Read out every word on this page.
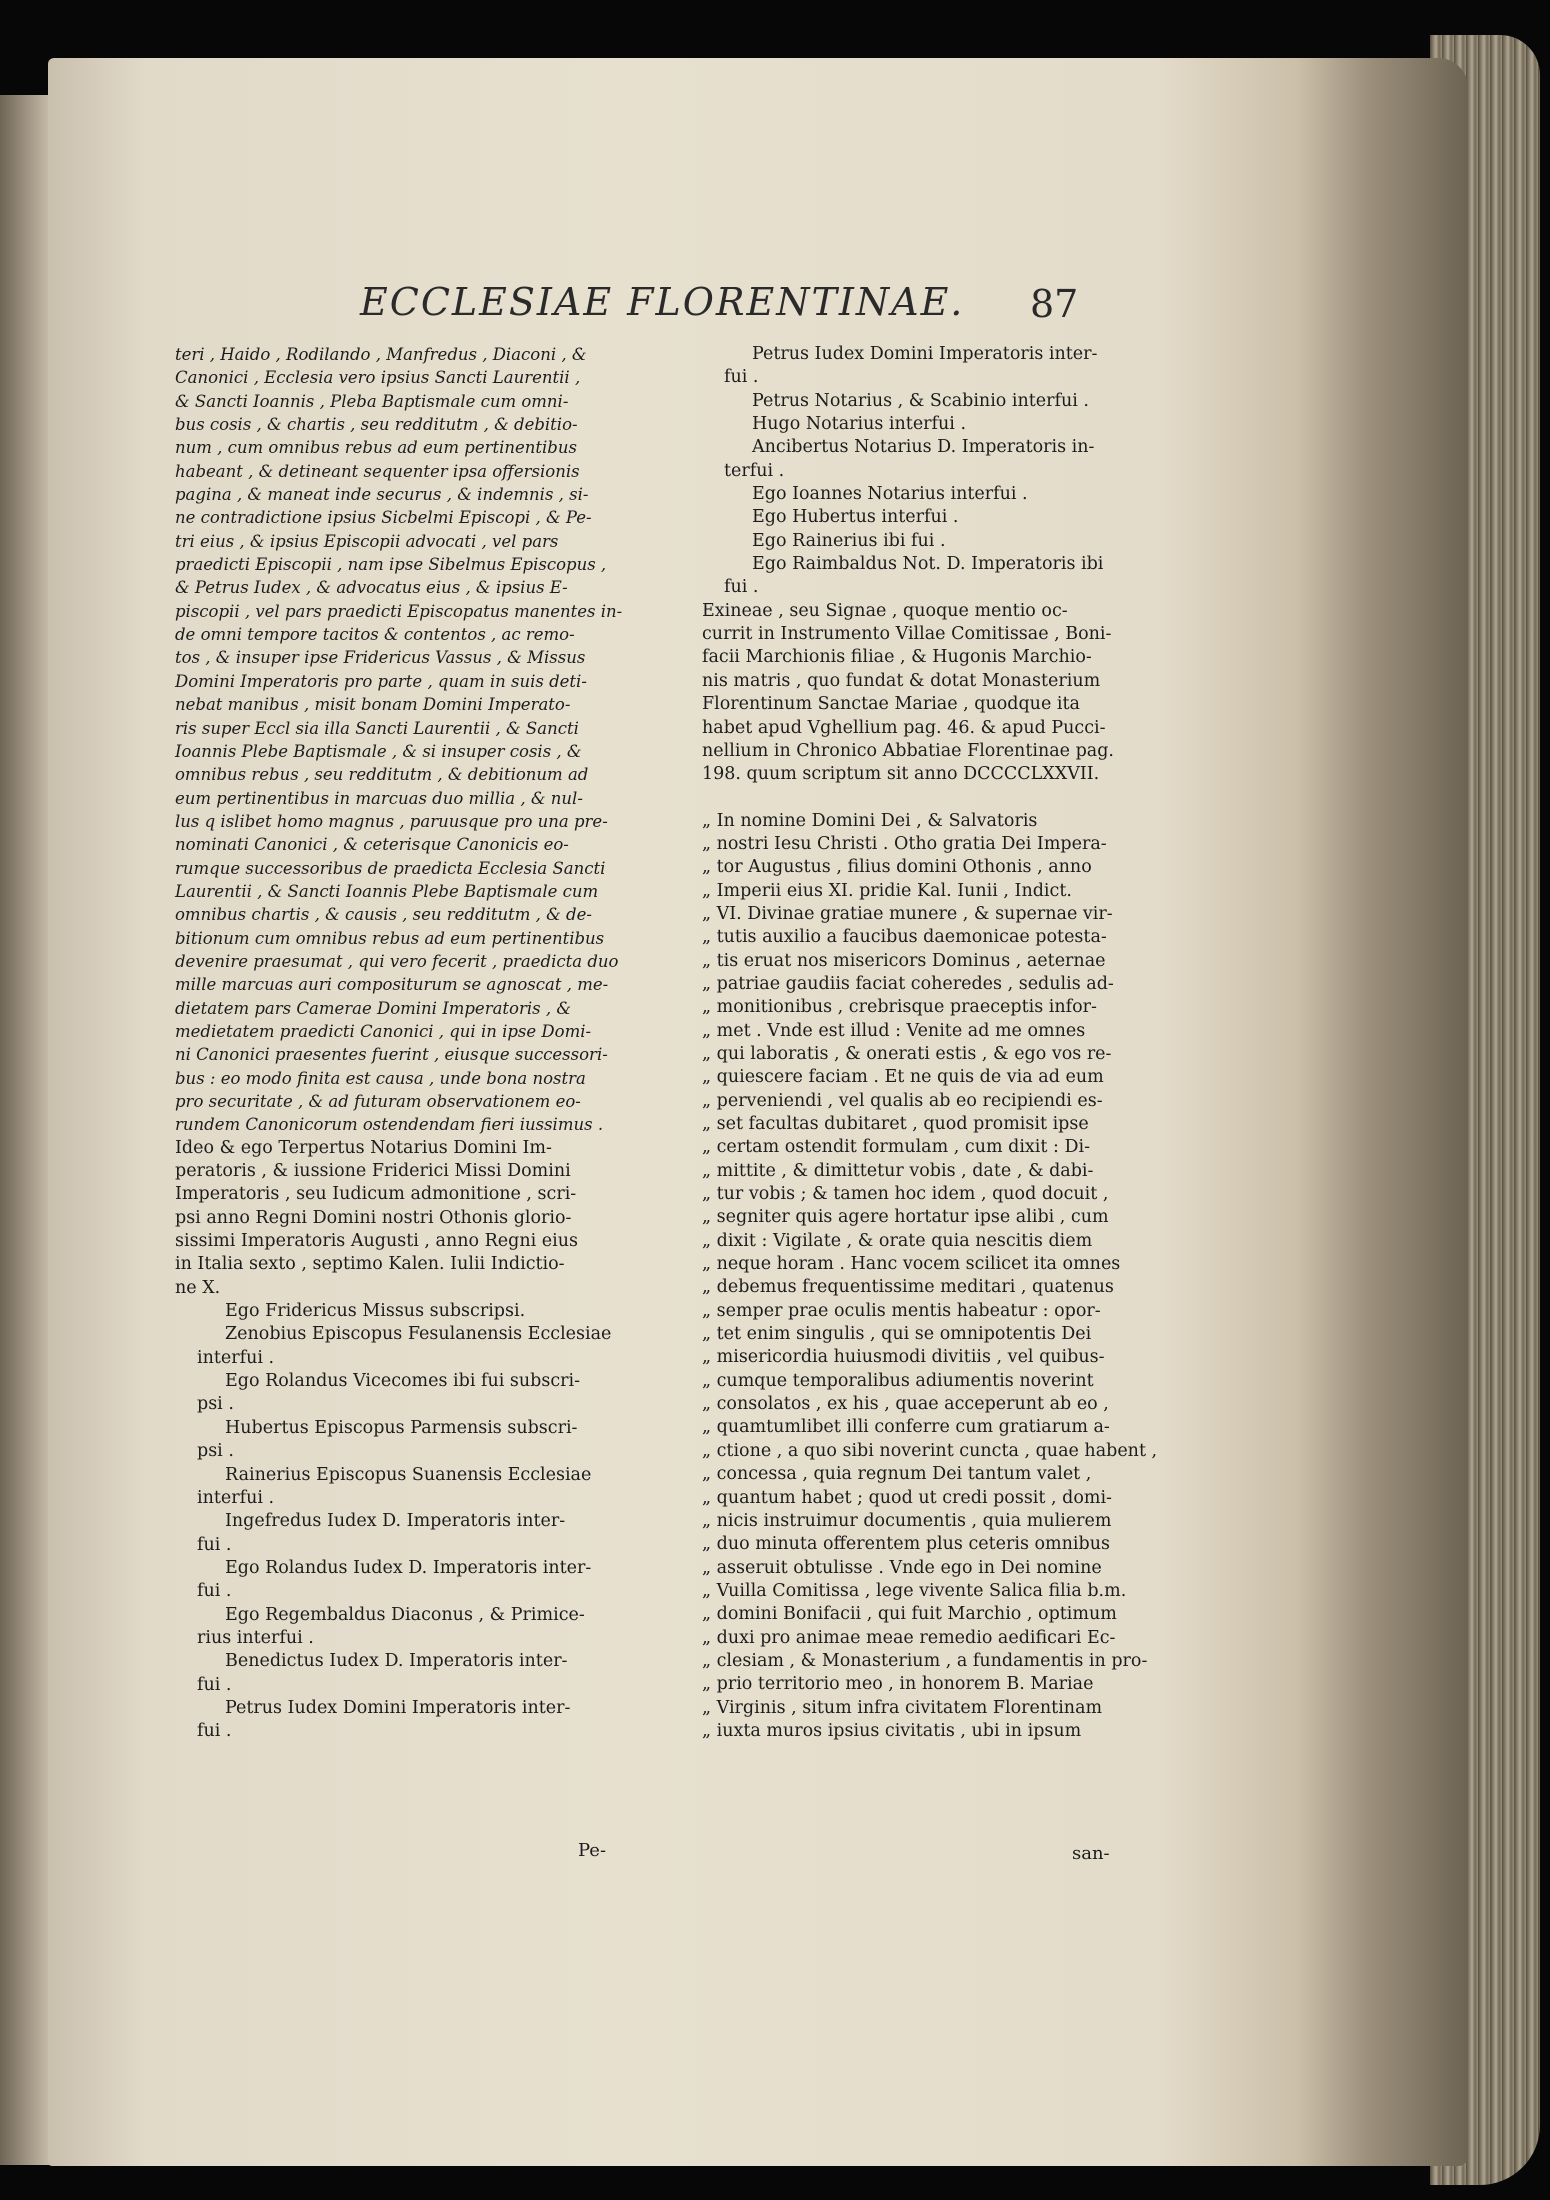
ECCLESIAE FLORENTINAE. 87

teri , Haido , Rodilando , Manfredus , Diaconi , &

Canonici , Ecclesia vero ipsius Sancti Laurentii ,

& Sancti Ioannis , Pleba Baptismale cum omni-

bus cosis , & chartis , seu redditutm , & debitio-

num , cum omnibus rebus ad eum pertinentibus

habeant , & detineant sequenter ipsa offersionis

pagina , & maneat inde securus , & indemnis , si-

ne contradictione ipsius Sicbelmi Episcopi , & Pe-

tri eius , & ipsius Episcopii advocati , vel pars

praedicti Episcopii , nam ipse Sibelmus Episcopus ,

& Petrus Iudex , & advocatus eius , & ipsius E-

piscopii , vel pars praedicti Episcopatus manentes in-

de omni tempore tacitos & contentos , ac remo-

tos , & insuper ipse Fridericus Vassus , & Missus

Domini Imperatoris pro parte , quam in suis deti-

nebat manibus , misit bonam Domini Imperato-

ris super Eccl sia illa Sancti Laurentii , & Sancti

Ioannis Plebe Baptismale , & si insuper cosis , &

omnibus rebus , seu redditutm , & debitionum ad

eum pertinentibus in marcuas duo millia , & nul-

lus q islibet homo magnus , paruusque pro una pre-

nominati Canonici , & ceterisque Canonicis eo-

rumque successoribus de praedicta Ecclesia Sancti

Laurentii , & Sancti Ioannis Plebe Baptismale cum

omnibus chartis , & causis , seu redditutm , & de-

bitionum cum omnibus rebus ad eum pertinentibus

devenire praesumat , qui vero fecerit , praedicta duo

mille marcuas auri compositurum se agnoscat , me-

dietatem pars Camerae Domini Imperatoris , &

medietatem praedicti Canonici , qui in ipse Domi-

ni Canonici praesentes fuerint , eiusque successori-

bus : eo modo finita est causa , unde bona nostra

pro securitate , & ad futuram observationem eo-

rundem Canonicorum ostendendam fieri iussimus .

Ideo & ego Terpertus Notarius Domini Im-

peratoris , & iussione Friderici Missi Domini

Imperatoris , seu Iudicum admonitione , scri-

psi anno Regni Domini nostri Othonis glorio-

sissimi Imperatoris Augusti , anno Regni eius

in Italia sexto , septimo Kalen. Iulii Indictio-

ne X.

Ego Fridericus Missus subscripsi.

Zenobius Episcopus Fesulanensis Ecclesiae

interfui .

Ego Rolandus Vicecomes ibi fui subscri-

psi .

Hubertus Episcopus Parmensis subscri-

psi .

Rainerius Episcopus Suanensis Ecclesiae

interfui .

Ingefredus Iudex D. Imperatoris inter-

fui .

Ego Rolandus Iudex D. Imperatoris inter-

fui .

Ego Regembaldus Diaconus , & Primice-

rius interfui .

Benedictus Iudex D. Imperatoris inter-

fui .

Petrus Iudex Domini Imperatoris inter-

fui .

Petrus Iudex Domini Imperatoris inter-

fui .

Petrus Notarius , & Scabinio interfui .

Hugo Notarius interfui .

Ancibertus Notarius D. Imperatoris in-

terfui .

Ego Ioannes Notarius interfui .

Ego Hubertus interfui .

Ego Rainerius ibi fui .

Ego Raimbaldus Not. D. Imperatoris ibi

fui .

Exineae , seu Signae , quoque mentio oc-

currit in Instrumento Villae Comitissae , Boni-

facii Marchionis filiae , & Hugonis Marchio-

nis matris , quo fundat & dotat Monasterium

Florentinum Sanctae Mariae , quodque ita

habet apud Vghellium pag. 46. & apud Pucci-

nellium in Chronico Abbatiae Florentinae pag.

198. quum scriptum sit anno DCCCCLXXVII.

„ In nomine Domini Dei , & Salvatoris

„ nostri Iesu Christi . Otho gratia Dei Impera-

„ tor Augustus , filius domini Othonis , anno

„ Imperii eius XI. pridie Kal. Iunii , Indict.

„ VI. Divinae gratiae munere , & supernae vir-

„ tutis auxilio a faucibus daemonicae potesta-

„ tis eruat nos misericors Dominus , aeternae

„ patriae gaudiis faciat coheredes , sedulis ad-

„ monitionibus , crebrisque praeceptis infor-

„ met . Vnde est illud : Venite ad me omnes

„ qui laboratis , & onerati estis , & ego vos re-

„ quiescere faciam . Et ne quis de via ad eum

„ perveniendi , vel qualis ab eo recipiendi es-

„ set facultas dubitaret , quod promisit ipse

„ certam ostendit formulam , cum dixit : Di-

„ mittite , & dimittetur vobis , date , & dabi-

„ tur vobis ; & tamen hoc idem , quod docuit ,

„ segniter quis agere hortatur ipse alibi , cum

„ dixit : Vigilate , & orate quia nescitis diem

„ neque horam . Hanc vocem scilicet ita omnes

„ debemus frequentissime meditari , quatenus

„ semper prae oculis mentis habeatur : opor-

„ tet enim singulis , qui se omnipotentis Dei

„ misericordia huiusmodi divitiis , vel quibus-

„ cumque temporalibus adiumentis noverint

„ consolatos , ex his , quae acceperunt ab eo ,

„ quamtumlibet illi conferre cum gratiarum a-

„ ctione , a quo sibi noverint cuncta , quae habent ,

„ concessa , quia regnum Dei tantum valet ,

„ quantum habet ; quod ut credi possit , domi-

„ nicis instruimur documentis , quia mulierem

„ duo minuta offerentem plus ceteris omnibus

„ asseruit obtulisse . Vnde ego in Dei nomine

„ Vuilla Comitissa , lege vivente Salica filia b.m.

„ domini Bonifacii , qui fuit Marchio , optimum

„ duxi pro animae meae remedio aedificari Ec-

„ clesiam , & Monasterium , a fundamentis in pro-

„ prio territorio meo , in honorem B. Mariae

„ Virginis , situm infra civitatem Florentinam

„ iuxta muros ipsius civitatis , ubi in ipsum

Pe-	san-
